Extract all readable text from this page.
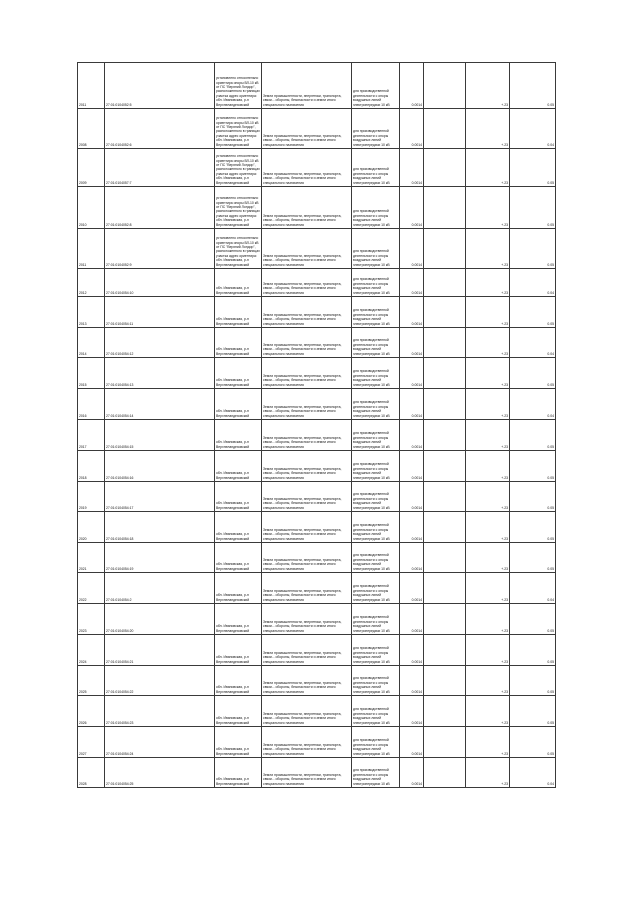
2011	27:01:0104052:5	установлено относительно ориентира опоры ВЛ-10 кВ от ПС "Верхний Лондор", расположенного в границах участка адрес ориентира: обл. Ивановская, р-н Верхнеландеховский	Земли промышленности, энергетики, транспорта, связи... обороны, безопасности и земли иного специального назначения	для производственной деятельности с опоры воздушных линий электропередачи 10 кВ	0.0014		+.23	0.05
2008	27:01:0104052:6	установлено относительно ориентира опоры ВЛ-10 кВ от ПС "Верхний Лондор", расположенного в границах участка адрес ориентира: обл. Ивановская, р-н Верхнеландеховский	Земли промышленности, энергетики, транспорта, связи... обороны, безопасности и земли иного специального назначения	для производственной деятельности с опоры воздушных линий электропередачи 10 кВ	0.0014		+.23	0.04
2009	27:01:0104057:7	установлено относительно ориентира опоры ВЛ-10 кВ от ПС "Верхний Лондор", расположенного в границах участка адрес ориентира: обл. Ивановская, р-н Верхнеландеховский	Земли промышленности, энергетики, транспорта, связи... обороны, безопасности и земли иного специального назначения	для производственной деятельности с опоры воздушных линий электропередачи 10 кВ	0.0014		+.23	0.05
2010	27:01:0104052:8	установлено относительно ориентира опоры ВЛ-10 кВ от ПС "Верхний Лондор", расположенного в границах участка адрес ориентира: обл. Ивановская, р-н Верхнеландеховский	Земли промышленности, энергетики, транспорта, связи... обороны, безопасности и земли иного специального назначения	для производственной деятельности с опоры воздушных линий электропередачи 10 кВ	0.0014		+.23	0.05
2011	27:01:0104052:9	установлено относительно ориентира опоры ВЛ-10 кВ от ПС "Верхний Лондор", расположенного в границах участка адрес ориентира: обл. Ивановская, р-н Верхнеландеховский	Земли промышленности, энергетики, транспорта, связи... обороны, безопасности и земли иного специального назначения	для производственной деятельности с опоры воздушных линий электропередачи 10 кВ	0.0014		+.23	0.05
2012	27:01:0104054:10	обл. Ивановская, р-н Верхнеландеховский	Земли промышленности, энергетики, транспорта, связи... обороны, безопасности и земли иного специального назначения	для производственной деятельности с опоры воздушных линий электропередачи 10 кВ	0.0014		+.23	0.04
2013	27:01:0104054:11	обл. Ивановская, р-н Верхнеландеховский	Земли промышленности, энергетики, транспорта, связи... обороны, безопасности и земли иного специального назначения	для производственной деятельности с опоры воздушных линий электропередачи 10 кВ	0.0014		+.23	0.05
2014	27:01:0104054:12	обл. Ивановская, р-н Верхнеландеховский	Земли промышленности, энергетики, транспорта, связи... обороны, безопасности и земли иного специального назначения	для производственной деятельности с опоры воздушных линий электропередачи 10 кВ	0.0014		+.23	0.04
2015	27:01:0104054:13	обл. Ивановская, р-н Верхнеландеховский	Земли промышленности, энергетики, транспорта, связи... обороны, безопасности и земли иного специального назначения	для производственной деятельности с опоры воздушных линий электропередачи 10 кВ	0.0014		+.23	0.05
2016	27:01:0104054:14	обл. Ивановская, р-н Верхнеландеховский	Земли промышленности, энергетики, транспорта, связи... обороны, безопасности и земли иного специального назначения	для производственной деятельности с опоры воздушных линий электропередачи 10 кВ	0.0014		+.23	0.04
2017	27:01:0104054:15	обл. Ивановская, р-н Верхнеландеховский	Земли промышленности, энергетики, транспорта, связи... обороны, безопасности и земли иного специального назначения	для производственной деятельности с опоры воздушных линий электропередачи 10 кВ	0.0014		+.23	0.05
2018	27:01:0104054:16	обл. Ивановская, р-н Верхнеландеховский	Земли промышленности, энергетики, транспорта, связи... обороны, безопасности и земли иного специального назначения	для производственной деятельности с опоры воздушных линий электропередачи 10 кВ	0.0014		+.23	0.05
2019	27:01:0104054:17	обл. Ивановская, р-н Верхнеландеховский	Земли промышленности, энергетики, транспорта, связи... обороны, безопасности и земли иного специального назначения	для производственной деятельности с опоры воздушных линий электропередачи 10 кВ	0.0014		+.23	0.05
2020	27:01:0104054:18	обл. Ивановская, р-н Верхнеландеховский	Земли промышленности, энергетики, транспорта, связи... обороны, безопасности и земли иного специального назначения	для производственной деятельности с опоры воздушных линий электропередачи 10 кВ	0.0014		+.23	0.05
2021	27:01:0104054:19	обл. Ивановская, р-н Верхнеландеховский	Земли промышленности, энергетики, транспорта, связи... обороны, безопасности и земли иного специального назначения	для производственной деятельности с опоры воздушных линий электропередачи 10 кВ	0.0014		+.23	0.05
2022	27:01:0104054:2	обл. Ивановская, р-н Верхнеландеховский	Земли промышленности, энергетики, транспорта, связи... обороны, безопасности и земли иного специального назначения	для производственной деятельности с опоры воздушных линий электропередачи 10 кВ	0.0014		+.23	0.04
2023	27:01:0104054:20	обл. Ивановская, р-н Верхнеландеховский	Земли промышленности, энергетики, транспорта, связи... обороны, безопасности и земли иного специального назначения	для производственной деятельности с опоры воздушных линий электропередачи 10 кВ	0.0014		+.23	0.05
2024	27:01:0104054:21	обл. Ивановская, р-н Верхнеландеховский	Земли промышленности, энергетики, транспорта, связи... обороны, безопасности и земли иного специального назначения	для производственной деятельности с опоры воздушных линий электропередачи 10 кВ	0.0014		+.23	0.05
2025	27:01:0104054:22	обл. Ивановская, р-н Верхнеландеховский	Земли промышленности, энергетики, транспорта, связи... обороны, безопасности и земли иного специального назначения	для производственной деятельности с опоры воздушных линий электропередачи 10 кВ	0.0014		+.23	0.05
2026	27:01:0104054:23	обл. Ивановская, р-н Верхнеландеховский	Земли промышленности, энергетики, транспорта, связи... обороны, безопасности и земли иного специального назначения	для производственной деятельности с опоры воздушных линий электропередачи 10 кВ	0.0014		+.23	0.05
2027	27:01:0104054:24	обл. Ивановская, р-н Верхнеландеховский	Земли промышленности, энергетики, транспорта, связи... обороны, безопасности и земли иного специального назначения	для производственной деятельности с опоры воздушных линий электропередачи 10 кВ	0.0014		+.23	0.05
2028	27:01:0104054:25	обл. Ивановская, р-н Верхнеландеховский	Земли промышленности, энергетики, транспорта, связи... обороны, безопасности и земли иного специального назначения	для производственной деятельности с опоры воздушных линий электропередачи 10 кВ	0.0014		+.23	0.04
